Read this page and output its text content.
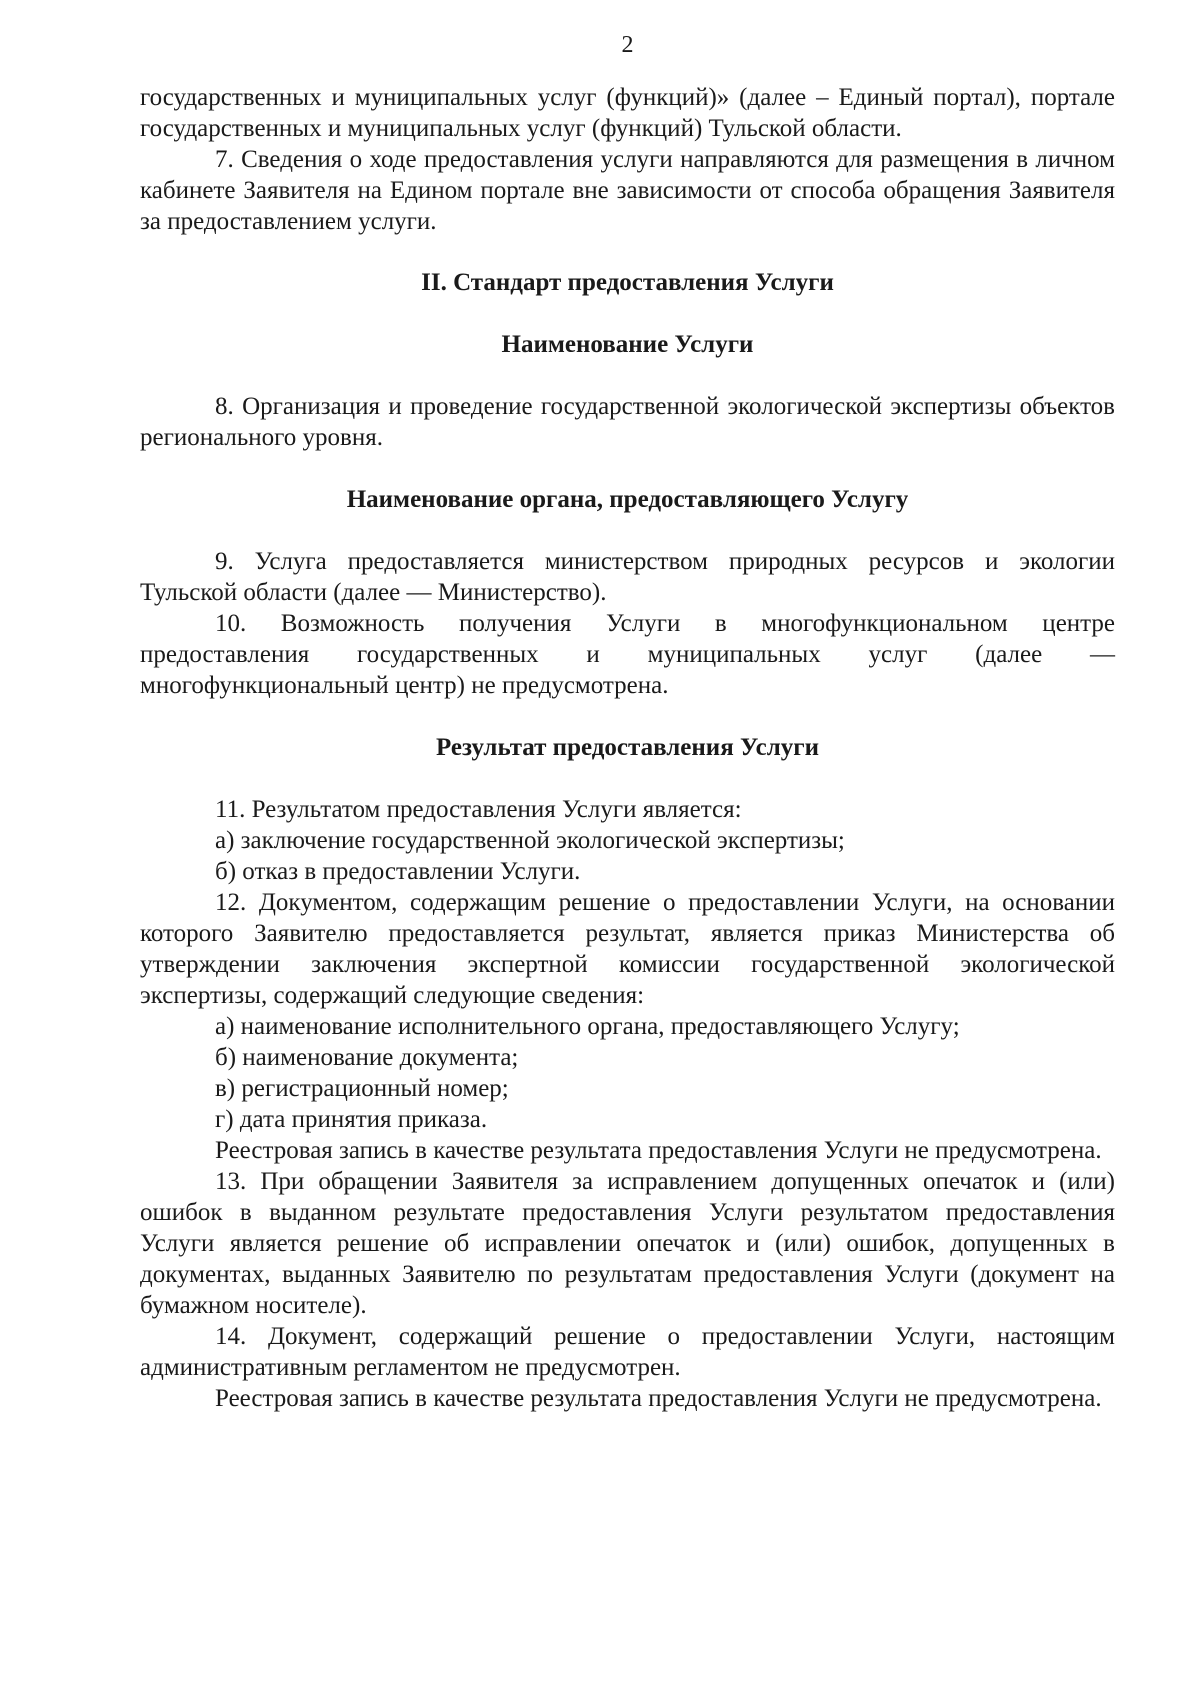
2

государственных и муниципальных услуг (функций)» (далее – Единый портал), портале государственных и муниципальных услуг (функций) Тульской области.

7. Сведения о ходе предоставления услуги направляются для размещения в личном кабинете Заявителя на Едином портале вне зависимости от способа обращения Заявителя за предоставлением услуги.

II. Стандарт предоставления Услуги

Наименование Услуги

8. Организация и проведение государственной экологической экспертизы объектов регионального уровня.

Наименование органа, предоставляющего Услугу

9. Услуга предоставляется министерством природных ресурсов и экологии Тульской области (далее — Министерство).

10. Возможность получения Услуги в многофункциональном центре предоставления государственных и муниципальных услуг (далее — многофункциональный центр) не предусмотрена.

Результат предоставления Услуги

11. Результатом предоставления Услуги является:

а) заключение государственной экологической экспертизы;

б) отказ в предоставлении Услуги.

12. Документом, содержащим решение о предоставлении Услуги, на основании которого Заявителю предоставляется результат, является приказ Министерства об утверждении заключения экспертной комиссии государственной экологической экспертизы, содержащий следующие сведения:

а) наименование исполнительного органа, предоставляющего Услугу;

б) наименование документа;

в) регистрационный номер;

г) дата принятия приказа.

Реестровая запись в качестве результата предоставления Услуги не предусмотрена.

13. При обращении Заявителя за исправлением допущенных опечаток и (или) ошибок в выданном результате предоставления Услуги результатом предоставления Услуги является решение об исправлении опечаток и (или) ошибок, допущенных в документах, выданных Заявителю по результатам предоставления Услуги (документ на бумажном носителе).

14. Документ, содержащий решение о предоставлении Услуги, настоящим административным регламентом не предусмотрен.

Реестровая запись в качестве результата предоставления Услуги не предусмотрена.
